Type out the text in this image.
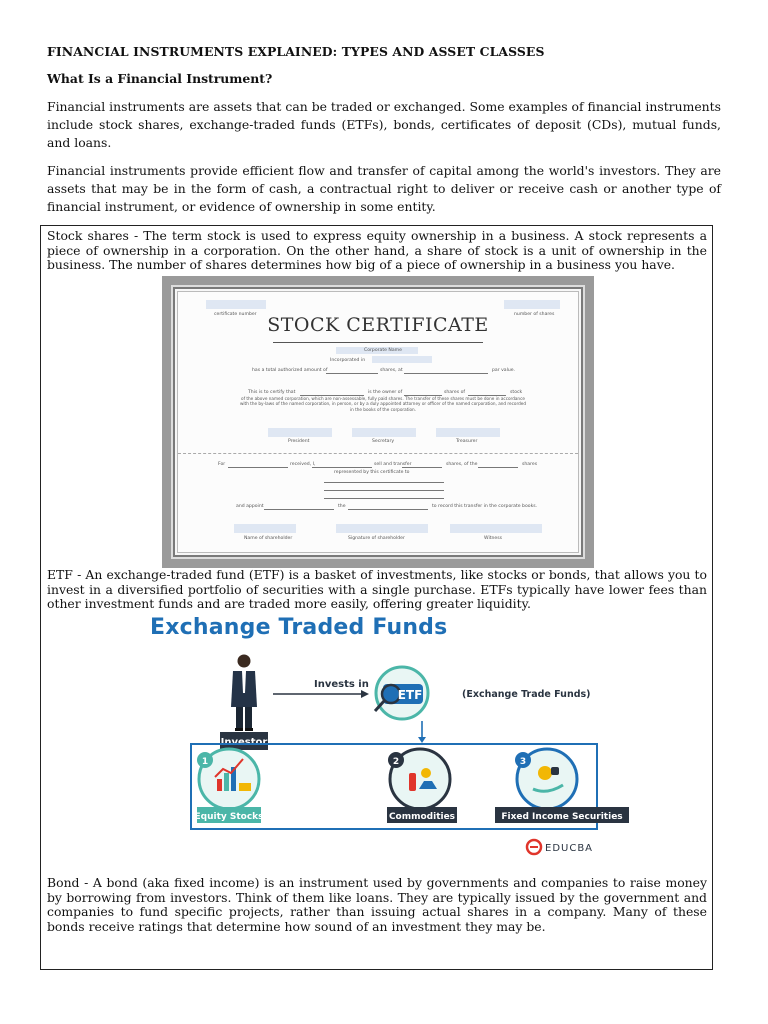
FINANCIAL INSTRUMENTS EXPLAINED: TYPES AND ASSET CLASSES
What Is a Financial Instrument?
Financial instruments are assets that can be traded or exchanged. Some examples of financial instruments include stock shares, exchange-traded funds (ETFs), bonds, certificates of deposit (CDs), mutual funds, and loans.
Financial instruments provide efficient flow and transfer of capital among the world's investors. They are assets that may be in the form of cash, a contractual right to deliver or receive cash or another type of financial instrument, or evidence of ownership in some entity.
Stock shares - The term stock is used to express equity ownership in a business. A stock represents a piece of ownership in a corporation. On the other hand, a share of stock is a unit of ownership in the business. The number of shares determines how big of a piece of ownership in a business you have.
certificate number	number of shares
STOCK CERTIFICATE
Corporate Name
Incorporated in
has a total authorized amount of	shares, at	par value.
This is to certify that	is the owner of	shares of	stock
of the above named corporation, which are non-assessable, fully paid shares. The transfer of these shares must be done in accordance with the by-laws of the named corporation, in person, or by a duly appointed attorney or officer of the named corporation, and recorded in the books of the corporation.
President	Secretary	Treasurer
For	received, I,	sell and transfer	shares, of the	shares
represented by this certificate to
and appoint	the	to record this transfer in the corporate books.
Name of shareholder	Signature of shareholder	Witness
ETF - An exchange-traded fund (ETF) is a basket of investments, like stocks or bonds, that allows you to invest in a diversified portfolio of securities with a single purchase. ETFs typically have lower fees than other investment funds and are traded more easily, offering greater liquidity.
Exchange Traded Funds
Investor
Invests in
ETF	(Exchange Trade Funds)
1
Equity Stocks
2
Commodities
3
Fixed Income Securities
EDUCBA
Bond - A bond (aka fixed income) is an instrument used by governments and companies to raise money by borrowing from investors. Think of them like loans. They are typically issued by the government and companies to fund specific projects, rather than issuing actual shares in a company. Many of these bonds receive ratings that determine how sound of an investment they may be.
